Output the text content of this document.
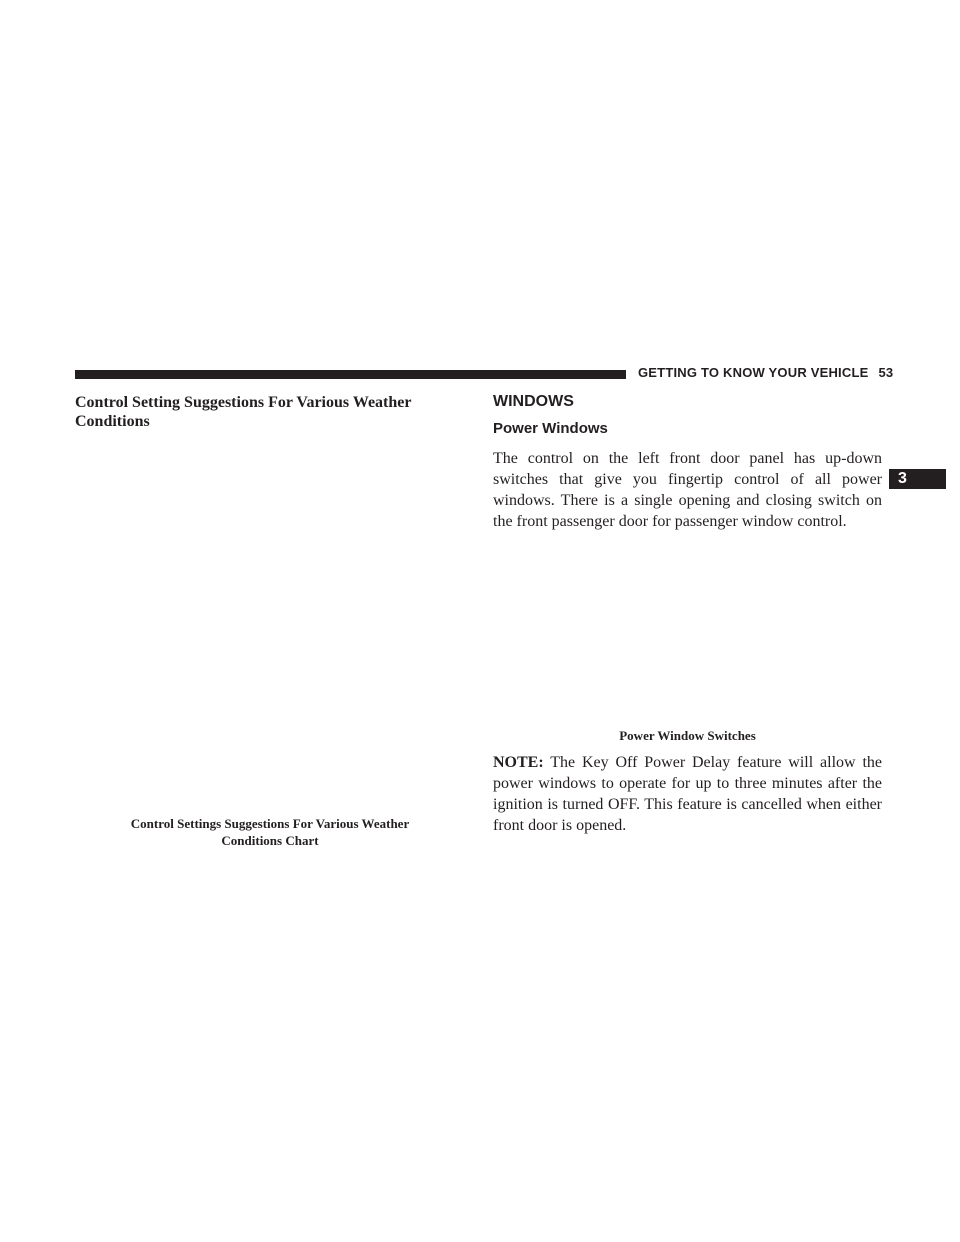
GETTING TO KNOW YOUR VEHICLE 53
3
Control Setting Suggestions For Various Weather Conditions
Control Settings Suggestions For Various Weather Conditions Chart
WINDOWS
Power Windows
The control on the left front door panel has up-down switches that give you fingertip control of all power windows. There is a single opening and closing switch on the front passenger door for passenger window control.
Power Window Switches
NOTE: The Key Off Power Delay feature will allow the power windows to operate for up to three minutes after the ignition is turned OFF. This feature is cancelled when either front door is opened.
